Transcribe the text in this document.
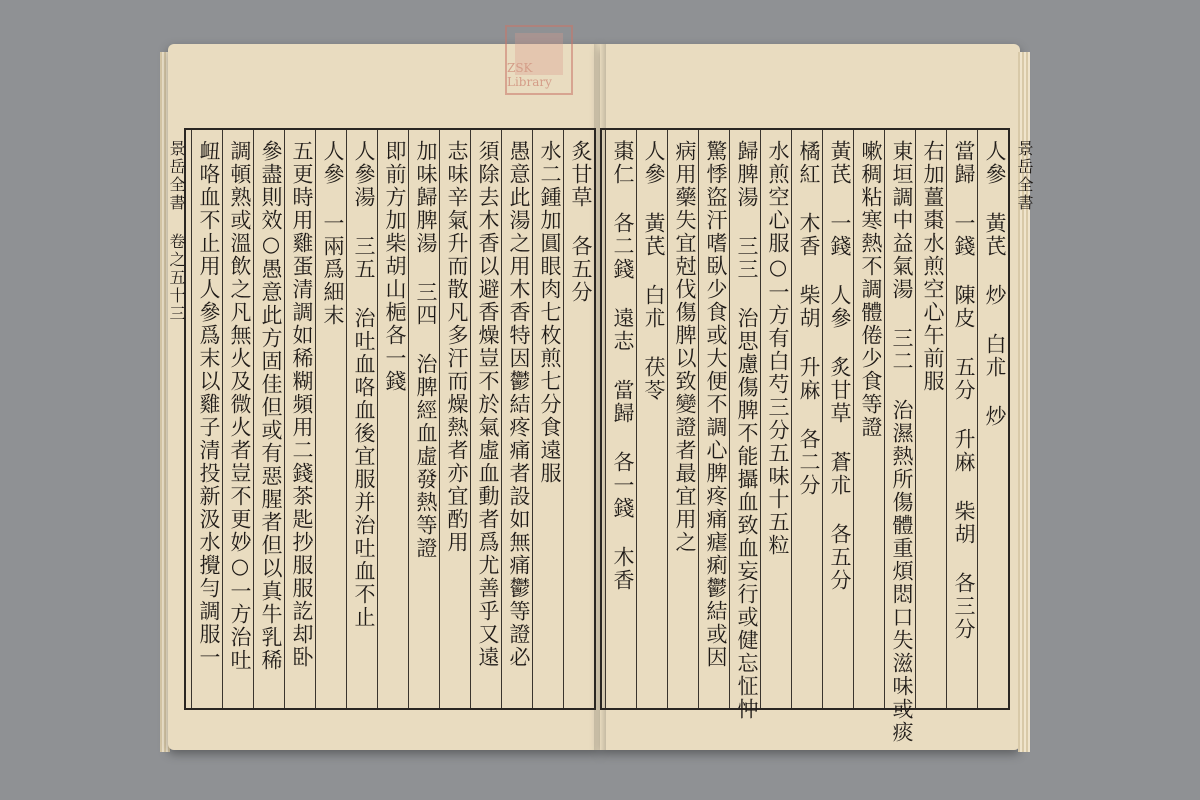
景岳全書 卷之五十三	炙甘草 各五分
水二鍾加圓眼肉七枚煎七分食遠服
愚意此湯之用木香特因鬱結疼痛者設如無痛鬱等證必
須除去木香以避香燥豈不於氣虛血動者爲尤善乎又遠
志味辛氣升而散凡多汗而燥熱者亦宜酌用
加味歸脾湯 三四 治脾經血虛發熱等證
即前方加柴胡山梔各一錢
人參湯 三五 治吐血咯血後宜服并治吐血不止
人參 一兩爲細末
五更時用雞蛋清調如稀糊頻用二錢茶匙抄服服訖却卧
參盡則效○愚意此方固佳但或有惡腥者但以真牛乳稀
調頓熟或溫飲之凡無火及微火者豈不更妙○一方治吐
衄咯血不止用人參爲末以雞子清投新汲水攪勻調服一	景岳全書
人參 黃芪 炒 白朮 炒
當歸 一錢 陳皮 五分 升麻 柴胡 各三分
右加薑棗水煎空心午前服
東垣調中益氣湯 三二 治濕熱所傷體重煩悶口失滋味或痰
嗽稠粘寒熱不調體倦少食等證
黃芪 一錢 人參 炙甘草 蒼朮 各五分
橘紅 木香 柴胡 升麻 各二分
水煎空心服○一方有白芍三分五味十五粒
歸脾湯 三三 治思慮傷脾不能攝血致血妄行或健忘怔忡
驚悸盜汗嗜臥少食或大便不調心脾疼痛瘧痢鬱結或因
病用藥失宜尅伐傷脾以致變證者最宜用之
人參 黃芪 白朮 茯苓
棗仁 各二錢 遠志 當歸 各一錢 木香
ZSK Library
